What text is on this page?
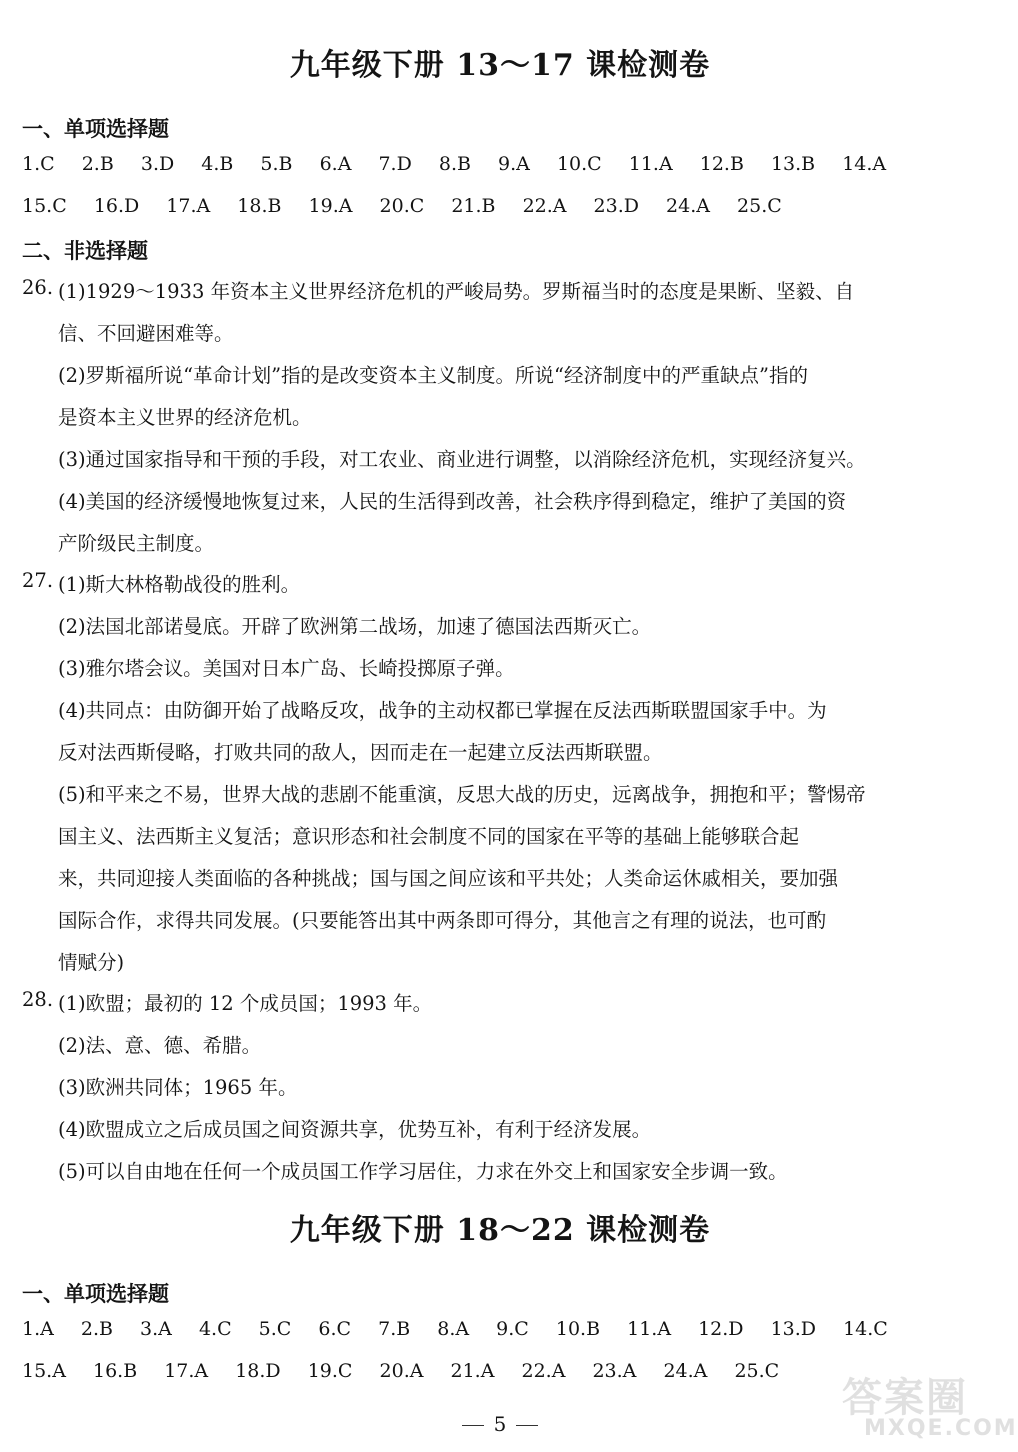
九年级下册 13～17 课检测卷
一、单项选择题
1.C 2.B 3.D 4.B 5.B 6.A 7.D 8.B 9.A 10.C 11.A 12.B 13.B 14.A
15.C 16.D 17.A 18.B 19.A 20.C 21.B 22.A 23.D 24.A 25.C
二、非选择题
26. (1)1929～1933 年资本主义世界经济危机的严峻局势。罗斯福当时的态度是果断、坚毅、自
信、不回避困难等。
(2)罗斯福所说“革命计划”指的是改变资本主义制度。所说“经济制度中的严重缺点”指的
是资本主义世界的经济危机。
(3)通过国家指导和干预的手段，对工农业、商业进行调整，以消除经济危机，实现经济复兴。
(4)美国的经济缓慢地恢复过来，人民的生活得到改善，社会秩序得到稳定，维护了美国的资
产阶级民主制度。
27. (1)斯大林格勒战役的胜利。
(2)法国北部诺曼底。开辟了欧洲第二战场，加速了德国法西斯灭亡。
(3)雅尔塔会议。美国对日本广岛、长崎投掷原子弹。
(4)共同点：由防御开始了战略反攻，战争的主动权都已掌握在反法西斯联盟国家手中。为
反对法西斯侵略，打败共同的敌人，因而走在一起建立反法西斯联盟。
(5)和平来之不易，世界大战的悲剧不能重演，反思大战的历史，远离战争，拥抱和平；警惕帝
国主义、法西斯主义复活；意识形态和社会制度不同的国家在平等的基础上能够联合起
来，共同迎接人类面临的各种挑战；国与国之间应该和平共处；人类命运休戚相关，要加强
国际合作，求得共同发展。(只要能答出其中两条即可得分，其他言之有理的说法，也可酌
情赋分)
28. (1)欧盟；最初的 12 个成员国；1993 年。
(2)法、意、德、希腊。
(3)欧洲共同体；1965 年。
(4)欧盟成立之后成员国之间资源共享，优势互补，有利于经济发展。
(5)可以自由地在任何一个成员国工作学习居住，力求在外交上和国家安全步调一致。
九年级下册 18～22 课检测卷
一、单项选择题
1.A 2.B 3.A 4.C 5.C 6.C 7.B 8.A 9.C 10.B 11.A 12.D 13.D 14.C
15.A 16.B 17.A 18.D 19.C 20.A 21.A 22.A 23.A 24.A 25.C
5
答案圈
MXQE.COM
